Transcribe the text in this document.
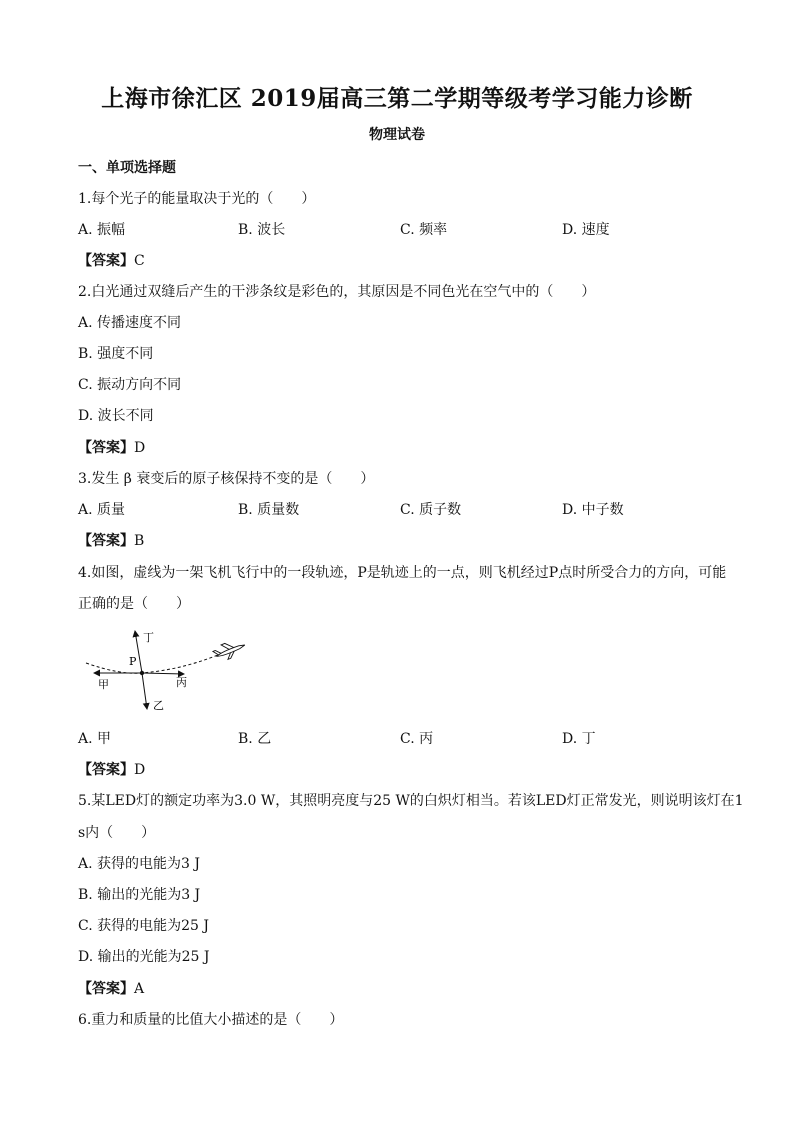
上海市徐汇区 2019届高三第二学期等级考学习能力诊断
物理试卷
一、单项选择题
1.每个光子的能量取决于光的（　　）
A. 振幅	B. 波长	C. 频率	D. 速度
【答案】C
2.白光通过双缝后产生的干涉条纹是彩色的，其原因是不同色光在空气中的（　　）
A. 传播速度不同
B. 强度不同
C. 振动方向不同
D. 波长不同
【答案】D
3.发生 β 衰变后的原子核保持不变的是（　　）
A. 质量	B. 质量数	C. 质子数	D. 中子数
【答案】B
4.如图，虚线为一架飞机飞行中的一段轨迹，P是轨迹上的一点，则飞机经过P点时所受合力的方向，可能
正确的是（　　）
P
丁
乙
丙
甲
A. 甲	B. 乙	C. 丙	D. 丁
【答案】D
5.某LED灯的额定功率为3.0 W，其照明亮度与25 W的白炽灯相当。若该LED灯正常发光，则说明该灯在1
s内（　　）
A. 获得的电能为3 J
B. 输出的光能为3 J
C. 获得的电能为25 J
D. 输出的光能为25 J
【答案】A
6.重力和质量的比值大小描述的是（　　）
